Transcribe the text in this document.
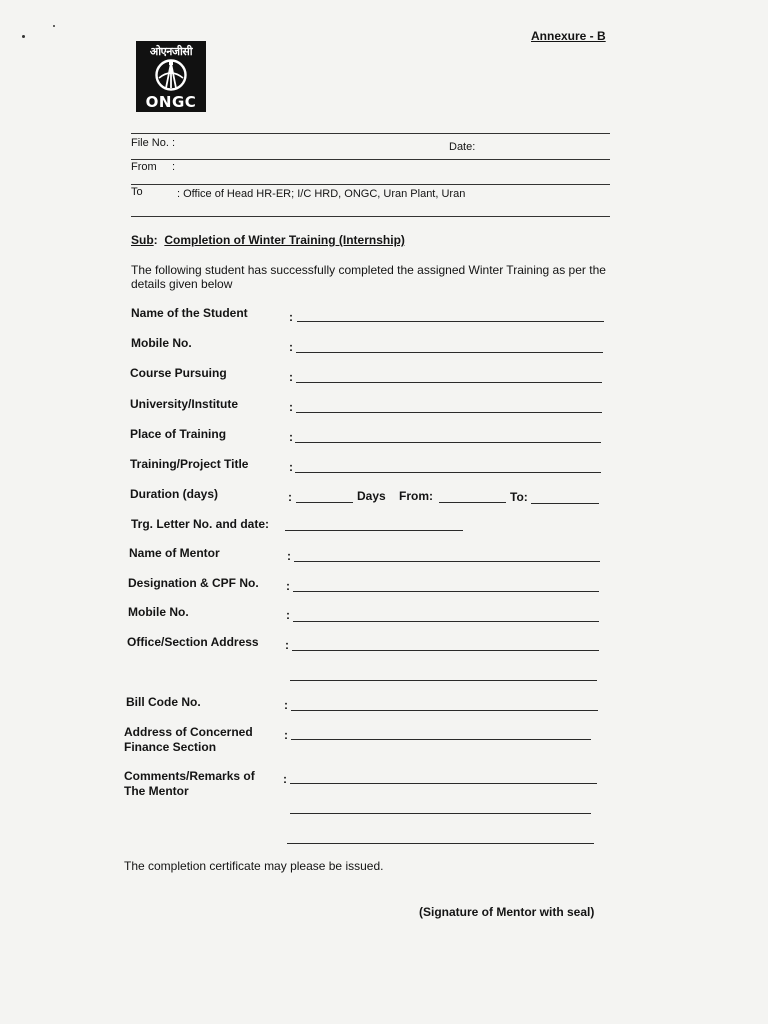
Annexure - B
ओएनजीसी
ONGC
File No. :	Date:
From :
To	: Office of Head HR-ER; I/C HRD, ONGC, Uran Plant, Uran
Sub: Completion of Winter Training (Internship)
The following student has successfully completed the assigned Winter Training as per the details given below
Name of the Student	:
Mobile No.	:
Course Pursuing	:
University/Institute	:
Place of Training	:
Training/Project Title	:
Duration (days)	:	Days From:	To:
Trg. Letter No. and date:
Name of Mentor	:
Designation & CPF No. :
Mobile No.	:
Office/Section Address :
Bill Code No.	:
Address of Concerned
Finance Section
:
Comments/Remarks of
The Mentor
:
The completion certificate may please be issued.
(Signature of Mentor with seal)
